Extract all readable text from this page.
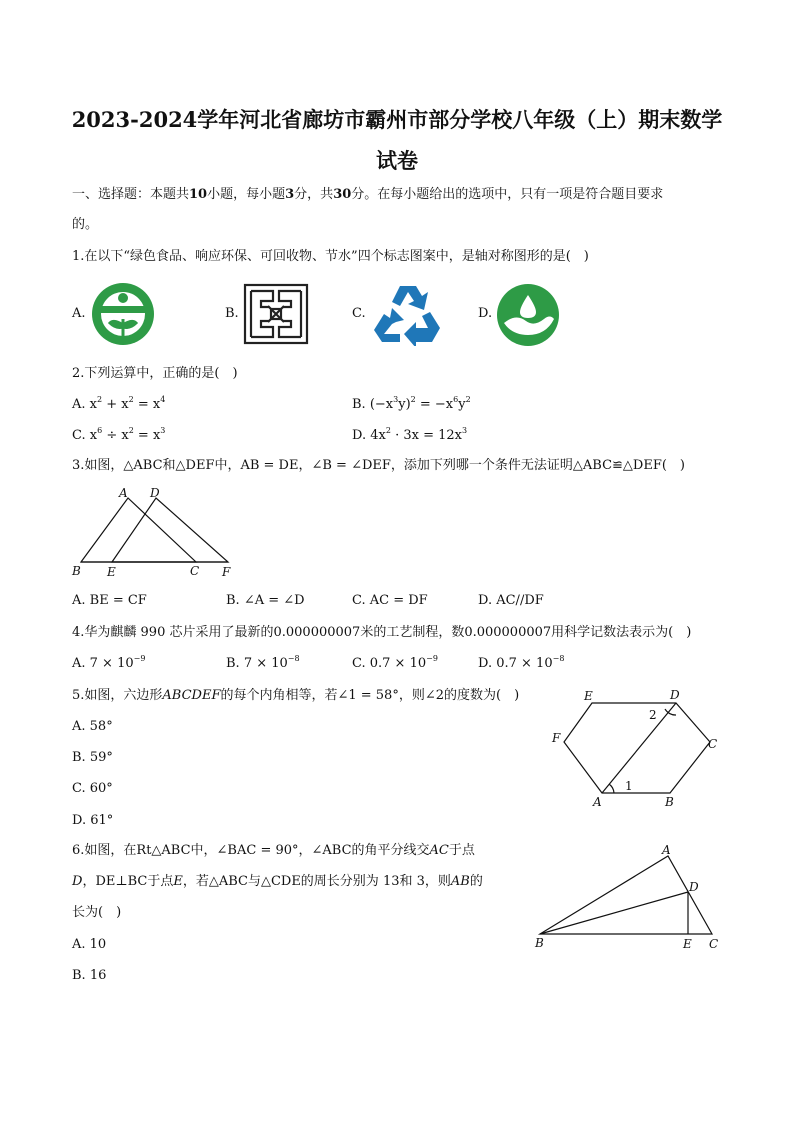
2023-2024学年河北省廊坊市霸州市部分学校八年级（上）期末数学
试卷
一、选择题：本题共10小题，每小题3分，共30分。在每小题给出的选项中，只有一项是符合题目要求
的。
1.在以下“绿色食品、响应环保、可回收物、节水”四个标志图案中，是轴对称图形的是(　)
A.	B.	C.	D.
2.下列运算中，正确的是(　)
A. $x^2 + x^2 = x^4$	B. $(-x^3y)^2 = -x^6y^2$
C. $x^6 \div x^2 = x^3$	D. $4x^2 \cdot 3x = 12x^3$
3.如图，△ABC和△DEF中，AB = DE，∠B = ∠DEF，添加下列哪一个条件无法证明△ABC≌△DEF(　)
A D
B E	C F
A. BE = CF	B. ∠A = ∠D	C. AC = DF	D. AC//DF
4.华为麒麟 990 芯片采用了最新的0.000000007米的工艺制程，数0.000000007用科学记数法表示为(　)
A. $7 \times 10^{-9}$	B. $7 \times 10^{-8}$	C. $0.7 \times 10^{-9}$	D. $0.7 \times 10^{-8}$
5.如图，六边形ABCDEF的每个内角相等，若∠1 = 58°，则∠2的度数为(　)
A. 58°
B. 59°
C. 60°
D. 61°
E	D
F	C
A	B
2
1
6.如图，在Rt△ABC中，∠BAC = 90°，∠ABC的角平分线交AC于点
D，DE⊥BC于点E，若△ABC与△CDE的周长分别为 13和 3，则AB的
长为(　)
A. 10
B. 16
A
D
B	E C
